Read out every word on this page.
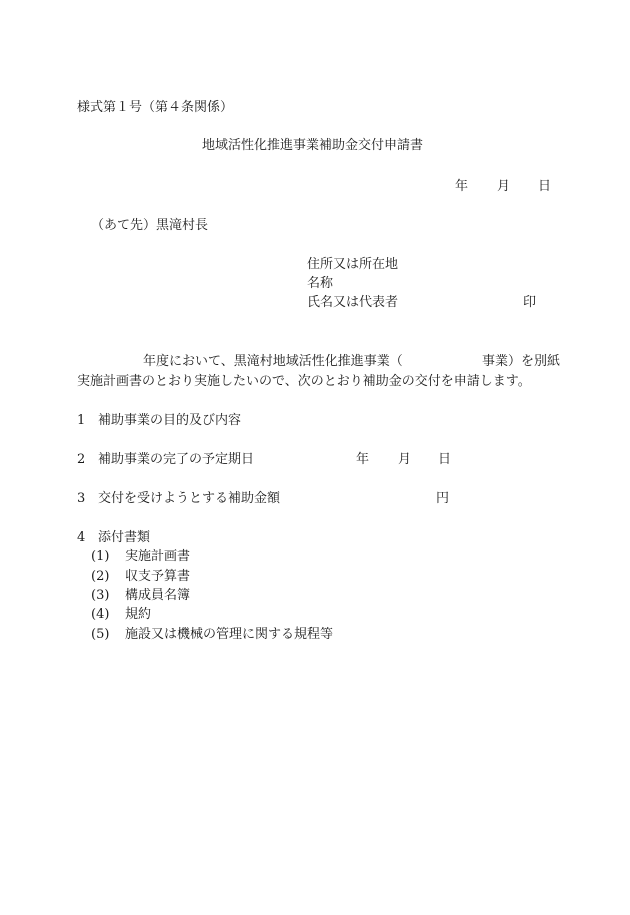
様式第１号（第４条関係）
地域活性化推進事業補助金交付申請書
年 月 日
（あて先）黒滝村長
住所又は所在地
名称
氏名又は代表者	印
年度において、黒滝村地域活性化推進事業（	事業）を別紙
実施計画書のとおり実施したいので、次のとおり補助金の交付を申請します。
1 補助事業の目的及び内容
2 補助事業の完了の予定期日	年 月 日
3 交付を受けようとする補助金額	円
4 添付書類
(1) 実施計画書
(2) 収支予算書
(3) 構成員名簿
(4) 規約
(5) 施設又は機械の管理に関する規程等
